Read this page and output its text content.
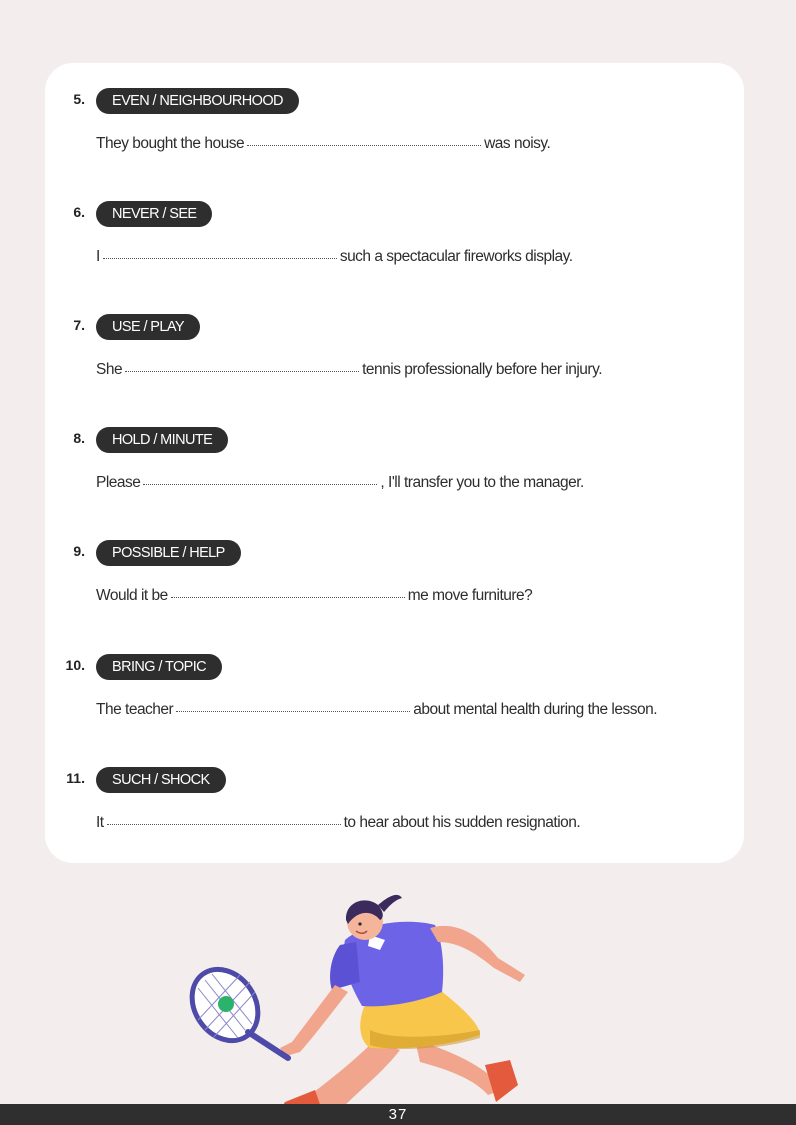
5.	EVEN / NEIGHBOURHOOD
They bought the house	was noisy.
6.	NEVER / SEE
I	such a spectacular fireworks display.
7.	USE / PLAY
She	tennis professionally before her injury.
8.	HOLD / MINUTE
Please	, I'll transfer you to the manager.
9.	POSSIBLE / HELP
Would it be	me move furniture?
10.	BRING / TOPIC
The teacher	about mental health during the lesson.
11.	SUCH / SHOCK
It	to hear about his sudden resignation.
37
